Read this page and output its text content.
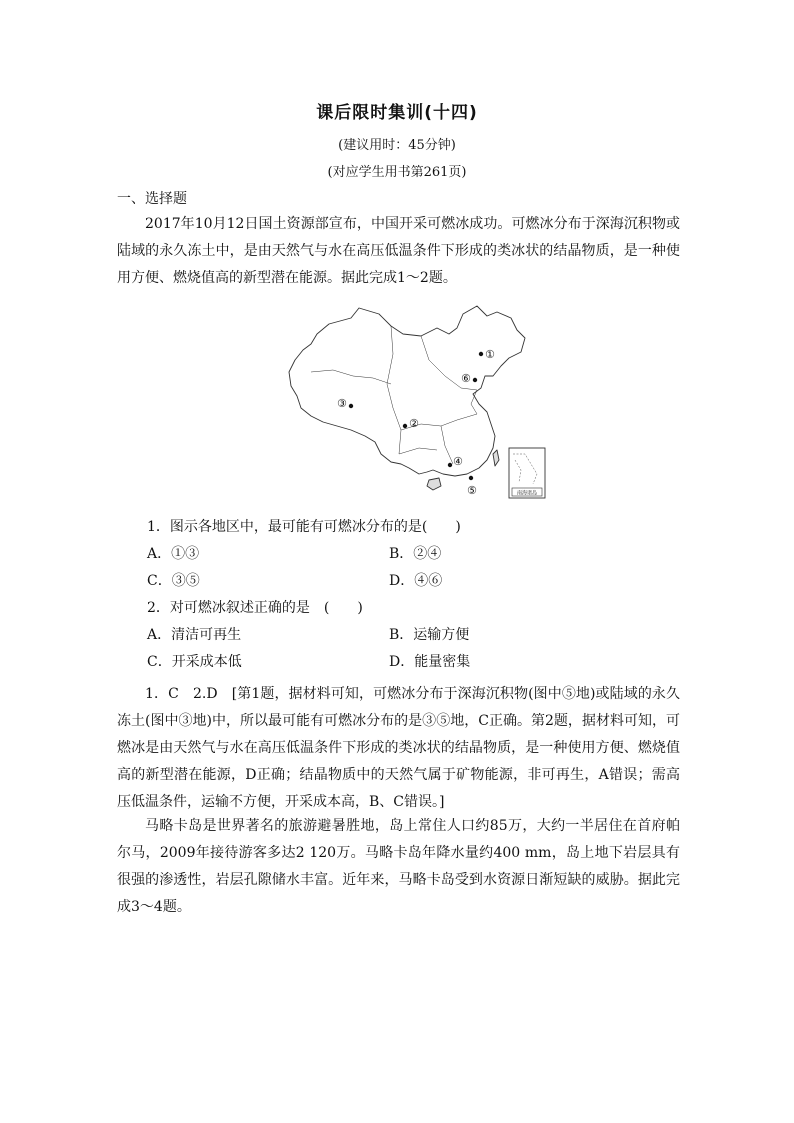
课后限时集训(十四)
(建议用时：45分钟)
(对应学生用书第261页)
一、选择题
2017年10月12日国土资源部宣布，中国开采可燃冰成功。可燃冰分布于深海沉积物或陆域的永久冻土中，是由天然气与水在高压低温条件下形成的类冰状的结晶物质，是一种使用方便、燃烧值高的新型潜在能源。据此完成1～2题。
①
②
③
④
⑤
⑥
南海诸岛
1．图示各地区中，最可能有可燃冰分布的是(　　)
A．①③	B．②④
C．③⑤	D．④⑥
2．对可燃冰叙述正确的是　(　　)
A．清洁可再生	B．运输方便
C．开采成本低	D．能量密集
1．C　2.D　[第1题，据材料可知，可燃冰分布于深海沉积物(图中⑤地)或陆域的永久冻土(图中③地)中，所以最可能有可燃冰分布的是③⑤地，C正确。第2题，据材料可知，可燃冰是由天然气与水在高压低温条件下形成的类冰状的结晶物质，是一种使用方便、燃烧值高的新型潜在能源，D正确；结晶物质中的天然气属于矿物能源，非可再生，A错误；需高压低温条件，运输不方便，开采成本高，B、C错误。]
马略卡岛是世界著名的旅游避暑胜地，岛上常住人口约85万，大约一半居住在首府帕尔马，2009年接待游客多达2 120万。马略卡岛年降水量约400 mm，岛上地下岩层具有很强的渗透性，岩层孔隙储水丰富。近年来，马略卡岛受到水资源日渐短缺的威胁。据此完成3～4题。
